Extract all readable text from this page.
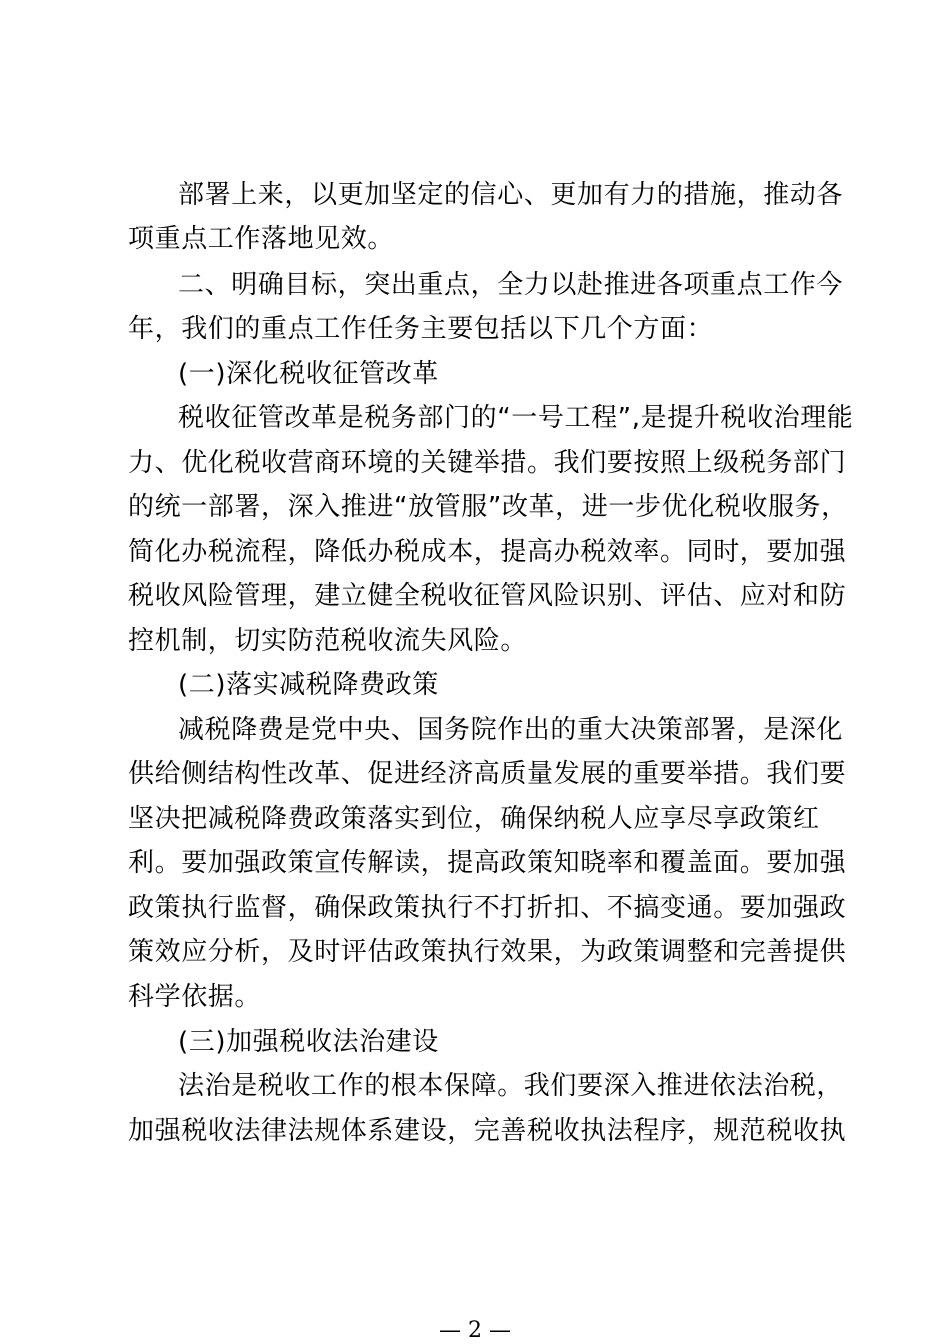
部署上来，以更加坚定的信心、更加有力的措施，推动各
项重点工作落地见效。
二、明确目标，突出重点，全力以赴推进各项重点工作今
年，我们的重点工作任务主要包括以下几个方面：
(一)深化税收征管改革
税收征管改革是税务部门的“一号工程”,是提升税收治理能
力、优化税收营商环境的关键举措。我们要按照上级税务部门
的统一部署，深入推进“放管服”改革，进一步优化税收服务，
简化办税流程，降低办税成本，提高办税效率。同时，要加强
税收风险管理，建立健全税收征管风险识别、评估、应对和防
控机制，切实防范税收流失风险。
(二)落实减税降费政策
减税降费是党中央、国务院作出的重大决策部署，是深化
供给侧结构性改革、促进经济高质量发展的重要举措。我们要
坚决把减税降费政策落实到位，确保纳税人应享尽享政策红
利。要加强政策宣传解读，提高政策知晓率和覆盖面。要加强
政策执行监督，确保政策执行不打折扣、不搞变通。要加强政
策效应分析，及时评估政策执行效果，为政策调整和完善提供
科学依据。
(三)加强税收法治建设
法治是税收工作的根本保障。我们要深入推进依法治税，
加强税收法律法规体系建设，完善税收执法程序，规范税收执
— 2 —
